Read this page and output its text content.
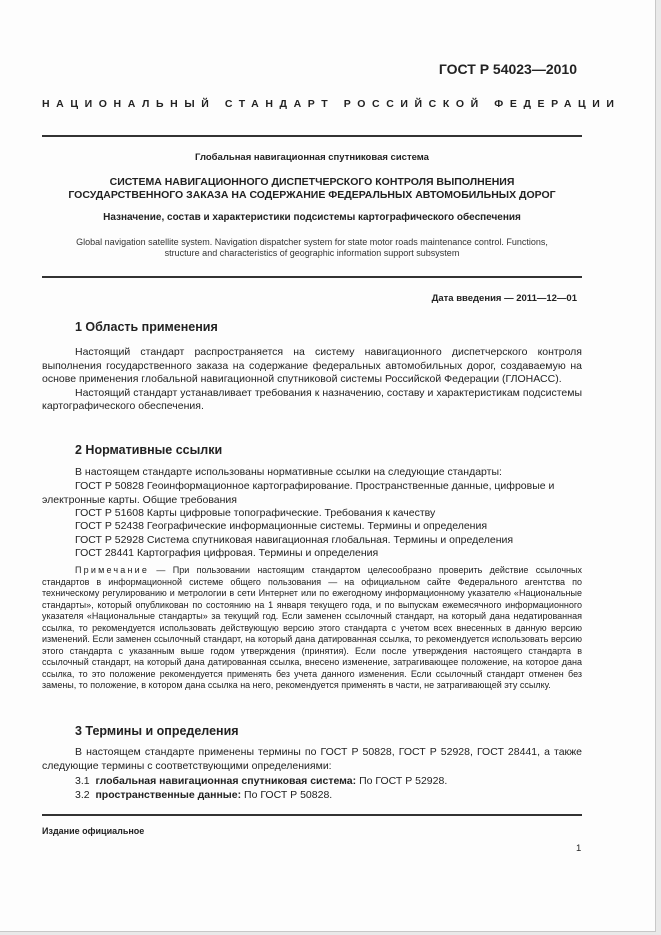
ГОСТ Р 54023—2010
НАЦИОНАЛЬНЫЙ СТАНДАРТ РОССИЙСКОЙ ФЕДЕРАЦИИ
Глобальная навигационная спутниковая система
СИСТЕМА НАВИГАЦИОННОГО ДИСПЕТЧЕРСКОГО КОНТРОЛЯ ВЫПОЛНЕНИЯ
ГОСУДАРСТВЕННОГО ЗАКАЗА НА СОДЕРЖАНИЕ ФЕДЕРАЛЬНЫХ АВТОМОБИЛЬНЫХ ДОРОГ
Назначение, состав и характеристики подсистемы картографического обеспечения
Global navigation satellite system. Navigation dispatcher system for state motor roads maintenance control. Functions,
structure and characteristics of geographic information support subsystem
Дата введения — 2011—12—01
1 Область применения

Настоящий стандарт распространяется на систему навигационного диспетчерского контроля выполнения государственного заказа на содержание федеральных автомобильных дорог, создаваемую на основе применения глобальной навигационной спутниковой системы Российской Федерации (ГЛОНАСС).

Настоящий стандарт устанавливает требования к назначению, составу и характеристикам подсистемы картографического обеспечения.

2 Нормативные ссылки
В настоящем стандарте использованы нормативные ссылки на следующие стандарты:
ГОСТ Р 50828 Геоинформационное картографирование. Пространственные данные, цифровые и
электронные карты. Общие требования
ГОСТ Р 51608 Карты цифровые топографические. Требования к качеству
ГОСТ Р 52438 Географические информационные системы. Термины и определения
ГОСТ Р 52928 Система спутниковая навигационная глобальная. Термины и определения
ГОСТ 28441 Картография цифровая. Термины и определения
Примечание — При пользовании настоящим стандартом целесообразно проверить действие ссылочных стандартов в информационной системе общего пользования — на официальном сайте Федерального агентства по техническому регулированию и метрологии в сети Интернет или по ежегодному информационному указателю «Национальные стандарты», который опубликован по состоянию на 1 января текущего года, и по выпускам ежемесячного информационного указателя «Национальные стандарты» за текущий год. Если заменен ссылочный стандарт, на который дана недатированная ссылка, то рекомендуется использовать действующую версию этого стандарта с учетом всех внесенных в данную версию изменений. Если заменен ссылочный стандарт, на который дана датированная ссылка, то рекомендуется использовать версию этого стандарта с указанным выше годом утверждения (принятия). Если после утверждения настоящего стандарта в ссылочный стандарт, на который дана датированная ссылка, внесено изменение, затрагивающее положение, на которое дана ссылка, то это положение рекомендуется применять без учета данного изменения. Если ссылочный стандарт отменен без замены, то положение, в котором дана ссылка на него, рекомендуется применять в части, не затрагивающей эту ссылку.
3 Термины и определения
В настоящем стандарте применены термины по ГОСТ Р 50828, ГОСТ Р 52928, ГОСТ 28441, а также следующие термины с соответствующими определениями:
3.1 глобальная навигационная спутниковая система: По ГОСТ Р 52928.
3.2 пространственные данные: По ГОСТ Р 50828.
Издание официальное
1
